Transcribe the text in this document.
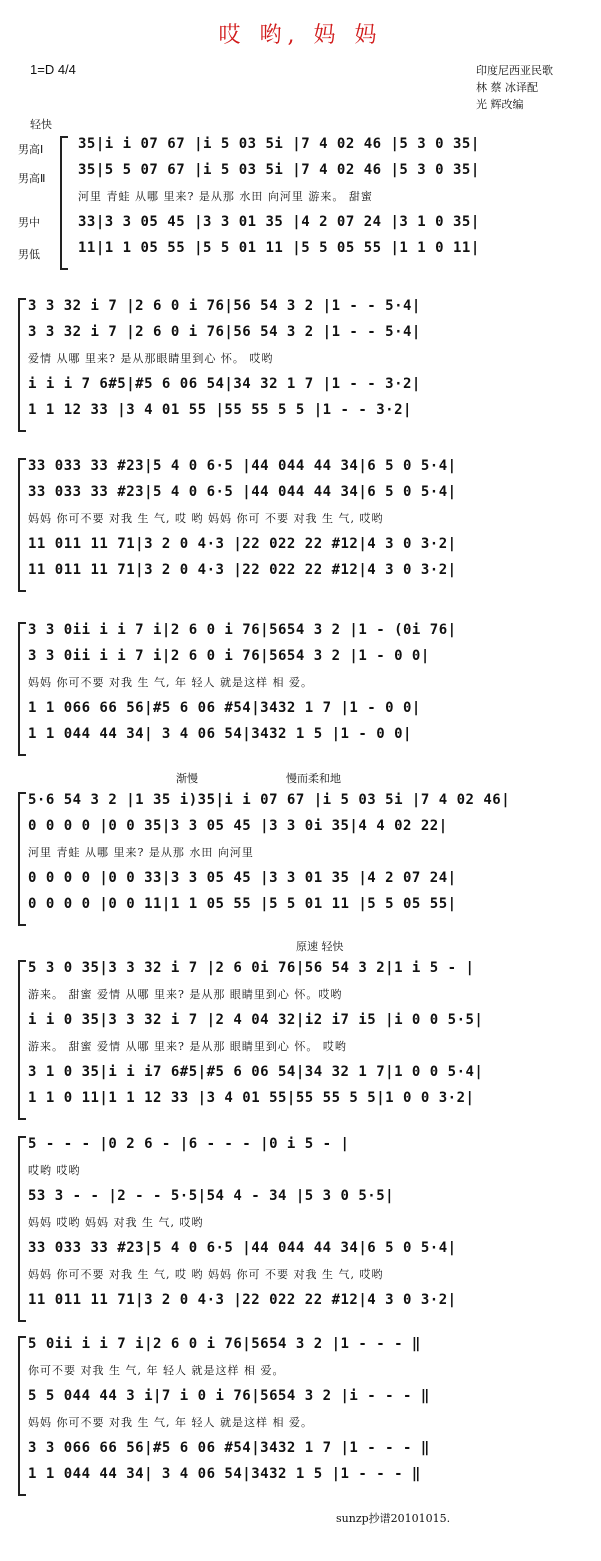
哎 哟, 妈 妈
1=D 4/4	印度尼西亚民歌
林 蔡 冰译配
光 辉改编
轻快
渐慢	慢而柔和地
原速 轻快
男高Ⅰ
男高Ⅱ
男中
男低
35|i i 07 67 |i 5 03 5i |7 4 02 46 |5 3 0 35|
35|5 5 07 67 |i 5 03 5i |7 4 02 46 |5 3 0 35|
河里 青蛙 从哪 里来? 是从那 水田 向河里 游来。 甜蜜
33|3 3 05 45 |3 3 01 35 |4 2 07 24 |3 1 0 35|
11|1 1 05 55 |5 5 01 11 |5 5 05 55 |1 1 0 11|
3 3 32 i 7 |2 6 0 i 76|56 54 3 2 |1 - - 5·4|
3 3 32 i 7 |2 6 0 i 76|56 54 3 2 |1 - - 5·4|
爱情 从哪 里来? 是从那眼睛里到心 怀。 哎哟
i i i 7 6#5|#5 6 06 54|34 32 1 7 |1 - - 3·2|
1 1 12 33 |3 4 01 55 |55 55 5 5 |1 - - 3·2|
33 033 33 #23|5 4 0 6·5 |44 044 44 34|6 5 0 5·4|
33 033 33 #23|5 4 0 6·5 |44 044 44 34|6 5 0 5·4|
妈妈 你可不要 对我 生 气, 哎 哟 妈妈 你可 不要 对我 生 气, 哎哟
11 011 11 71|3 2 0 4·3 |22 022 22 #12|4 3 0 3·2|
11 011 11 71|3 2 0 4·3 |22 022 22 #12|4 3 0 3·2|
3 3 0ii i i 7 i|2 6 0 i 76|5654 3 2 |1 - (0i 76|
3 3 0ii i i 7 i|2 6 0 i 76|5654 3 2 |1 - 0 0|
妈妈 你可不要 对我 生 气, 年 轻人 就是这样 相 爱。
1 1 066 66 56|#5 6 06 #54|3432 1 7 |1 - 0 0|
1 1 044 44 34| 3 4 06 54|3432 1 5 |1 - 0 0|
5·6 54 3 2 |1 35 i)35|i i 07 67 |i 5 03 5i |7 4 02 46|
0 0 0 0 |0 0 35|3 3 05 45 |3 3 0i 35|4 4 02 22|
河里 青蛙 从哪 里来? 是从那 水田 向河里
0 0 0 0 |0 0 33|3 3 05 45 |3 3 01 35 |4 2 07 24|
0 0 0 0 |0 0 11|1 1 05 55 |5 5 01 11 |5 5 05 55|
5 3 0 35|3 3 32 i 7 |2 6 0i 76|56 54 3 2|1 i 5 - |
游来。 甜蜜 爱情 从哪 里来? 是从那 眼睛里到心 怀。哎哟
i i 0 35|3 3 32 i 7 |2 4 04 32|i2 i7 i5 |i 0 0 5·5|
游来。 甜蜜 爱情 从哪 里来? 是从那 眼睛里到心 怀。 哎哟
3 1 0 35|i i i7 6#5|#5 6 06 54|34 32 1 7|1 0 0 5·4|
1 1 0 11|1 1 12 33 |3 4 01 55|55 55 5 5|1 0 0 3·2|
5 - - - |0 2 6 - |6 - - - |0 i 5 - |
哎哟 哎哟
53 3 - - |2 - - 5·5|54 4 - 34 |5 3 0 5·5|
妈妈 哎哟 妈妈 对我 生 气, 哎哟
33 033 33 #23|5 4 0 6·5 |44 044 44 34|6 5 0 5·4|
妈妈 你可不要 对我 生 气, 哎 哟 妈妈 你可 不要 对我 生 气, 哎哟
11 011 11 71|3 2 0 4·3 |22 022 22 #12|4 3 0 3·2|
5 0ii i i 7 i|2 6 0 i 76|5654 3 2 |1 - - - ‖
你可不要 对我 生 气, 年 轻人 就是这样 相 爱。
5 5 044 44 3 i|7 i 0 i 76|5654 3 2 |i - - - ‖
妈妈 你可不要 对我 生 气, 年 轻人 就是这样 相 爱。
3 3 066 66 56|#5 6 06 #54|3432 1 7 |1 - - - ‖
1 1 044 44 34| 3 4 06 54|3432 1 5 |1 - - - ‖
sunzp抄谱20101015.
